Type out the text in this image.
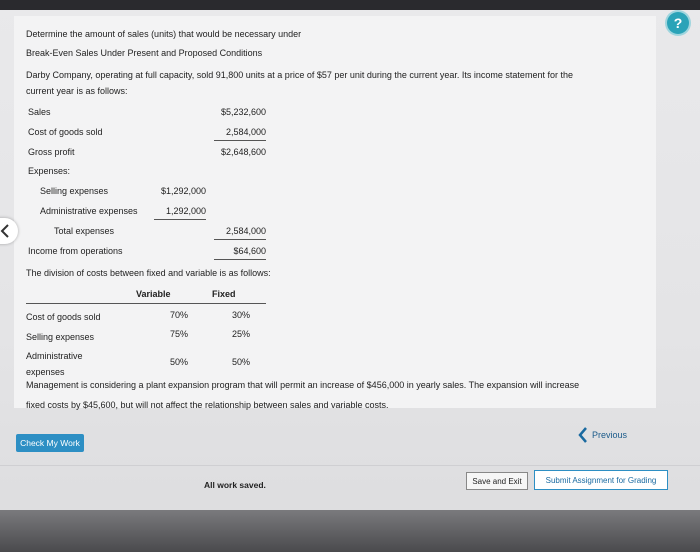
?
Determine the amount of sales (units) that would be necessary under
Break-Even Sales Under Present and Proposed Conditions
Darby Company, operating at full capacity, sold 91,800 units at a price of $57 per unit during the current year. Its income statement for the
current year is as follows:
Sales	$5,232,600
Cost of goods sold	2,584,000
Gross profit	$2,648,600
Expenses:
Selling expenses	$1,292,000
Administrative expenses	1,292,000
Total expenses	2,584,000
Income from operations	$64,600
The division of costs between fixed and variable is as follows:
Variable	Fixed
Cost of goods sold	70%	30%
Selling expenses	75%	25%
Administrative
expenses
50%	50%
Management is considering a plant expansion program that will permit an increase of $456,000 in yearly sales. The expansion will increase
fixed costs by $45,600, but will not affect the relationship between sales and variable costs.
Check My Work
Previous
All work saved.	Save and Exit	Submit Assignment for Grading
